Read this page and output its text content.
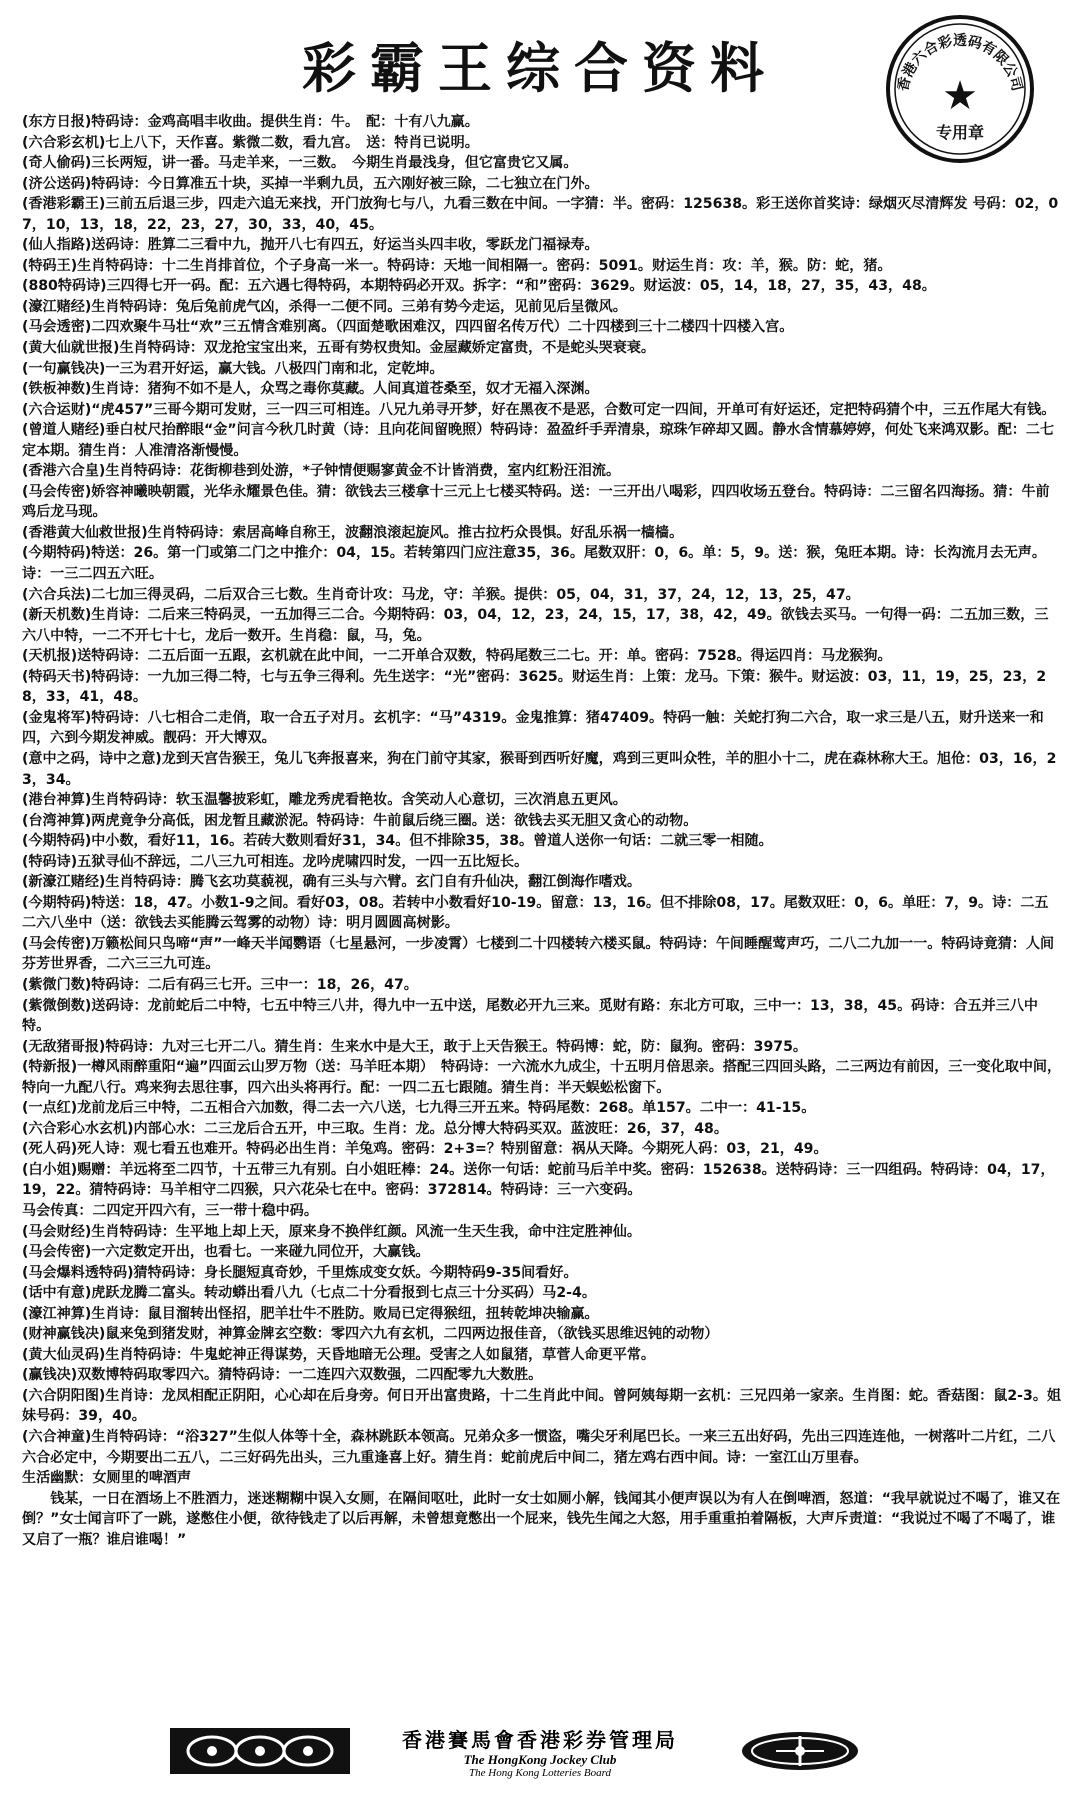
彩霸王综合资料	香港六合彩透码有限公司
★
专用章

(东方日报)特码诗：金鸡高唱丰收曲。提供生肖：牛。　配：十有八九赢。

(六合彩玄机)七上八下，天作喜。紫微二数，看九宫。　送：特肖已说明。

(奇人偷码)三长两短，讲一番。马走羊来，一三数。　今期生肖最浅身，但它富贵它又属。

(济公送码)特码诗：今日算准五十块，买掉一半剩九员，五六刚好被三除，二七独立在门外。

(香港彩霸王)三前五后退三步，四走六追无来找，开门放狗七与八，九看三数在中间。一字猜：半。密码：125638。彩王送你首奖诗：绿烟灭尽清辉发 号码：02，07，10，13，18，22，23，27，30，33，40，45。

(仙人指路)送码诗：胜算二三看中九，抛开八七有四五，好运当头四丰收，零跃龙门福禄寿。

(特码王)生肖特码诗：十二生肖排首位，个子身高一米一。特码诗：天地一间相隔一。密码：5091。财运生肖：攻：羊，猴。防：蛇，猪。

(880特码诗)三四得七开一码。配：五六遇七得特码，本期特码必开双。拆字：“和”密码：3629。财运波：05，14，18，27，35，43，48。

(濠江赌经)生肖特码诗：兔后兔前虎气凶，杀得一二便不同。三弟有势今走运，见前见后呈微风。

(马会透密)二四欢聚牛马壮“欢”三五情含难别离。（四面楚歌困难汉，四四留名传万代）二十四楼到三十二楼四十四楼入宫。

(黄大仙就世报)生肖特码诗：双龙抢宝宝出来，五哥有势权贵知。金屋藏娇定富贵，不是蛇头哭衰衰。

(一句赢钱决)一三为君开好运，赢大钱。八极四门南和北，定乾坤。

(铁板神数)生肖诗：猪狗不如不是人，众骂之毒你莫藏。人间真道苍桑至，奴才无福入深渊。

(六合运财)“虎457”三哥今期可发财，三一四三可相连。八兄九弟寻开梦，好在黑夜不是恶，合数可定一四间，开单可有好运还，定把特码猜个中，三五作尾大有钱。

(曾道人赌经)垂白杖尺抬醉眼“金”问言今秋几时黄（诗：且向花间留晚照）特码诗：盈盈纤手弄清泉，琼珠乍碎却又圆。静水含情慕婷婷，何处飞来鸿双影。配：二七定本期。猜生肖：人准清洛渐慢慢。

(香港六合皇)生肖特码诗：花街柳巷到处游，*子钟情便赐寥黄金不计皆消费，室内红粉汪泪流。

(马会传密)娇容神曦映朝霞，光华永耀景色佳。猜：欲钱去三楼拿十三元上七楼买特码。送：一三开出八喝彩，四四收场五登台。特码诗：二三留名四海扬。猜：牛前鸡后龙马现。

(香港黄大仙救世报)生肖特码诗：索居高峰自称王，波翻浪滚起旋风。推古拉朽众畏惧。好乱乐祸一樯樯。

(今期特码)特送：26。第一门或第二门之中推介：04，15。若转第四门应注意35，36。尾数双肝：0，6。单：5，9。送：猴，兔旺本期。诗：长沟流月去无声。诗：一三二四五六旺。

(六合兵法)二七加三得灵码，二后双合三七数。生肖奇计攻：马龙，守：羊猴。提供：05，04，31，37，24，12，13，25，47。

(新天机数)生肖诗：二后来三特码灵，一五加得三二合。今期特码：03，04，12，23，24，15，17，38，42，49。欲钱去买马。一句得一码：二五加三数，三六八中特，一二不开七十七，龙后一数开。生肖稳：鼠，马，兔。

(天机报)送特码诗：二五后面一五跟，玄机就在此中间，一二开单合双数，特码尾数三二七。开：单。密码：7528。得运四肖：马龙猴狗。

(特码天书)特码诗：一九加三得二特，七与五争三得利。先生送字：“光”密码：3625。财运生肖：上策：龙马。下策：猴牛。财运波：03，11，19，25，23，28，33，41，48。

(金鬼将军)特码诗：八七相合二走俏，取一合五子对月。玄机字：“马”4319。金鬼推算：猪47409。特码一触：关蛇打狗二六合，取一求三是八五，财升送来一和四，六到今期发神威。靓码：开大博双。

(意中之码，诗中之意)龙到天宫告猴王，兔儿飞奔报喜来，狗在门前守其家，猴哥到西听好魔，鸡到三更叫众牲，羊的胆小十二，虎在森林称大王。旭伧：03，16，23，34。

(港台神算)生肖特码诗：软玉温馨披彩虹，雕龙秀虎看艳妆。含笑动人心意切，三次消息五更风。

(台湾神算)两虎竟争分高低，困龙暂且藏淤泥。特码诗：牛前鼠后绕三圈。送：欲钱去买无胆又贪心的动物。

(今期特码)中小数，看好11，16。若砖大数则看好31，34。但不排除35，38。曾道人送你一句话：二就三零一相随。

(特码诗)五狱寻仙不辞远，二八三九可相连。龙吟虎啸四时发，一四一五比短长。

(新濠江赌经)生肖特码诗：腾飞玄功莫藐视，确有三头与六臂。玄门自有升仙决，翻江倒海作嗜戏。

(今期特码)特送：18，47。小数1-9之间。看好03，08。若转中小数看好10-19。留意：13，16。但不排除08，17。尾数双旺：0，6。单旺：7，9。诗：二五二六八坐中（送：欲钱去买能腾云驾雾的动物）诗：明月圆圆高树影。

(马会传密)万籁松间只鸟啼“声”一峰天半闻鹦语（七星悬河，一步凌霄）七楼到二十四楼转六楼买鼠。特码诗：午间睡醒莺声巧，二八二九加一一。特码诗竟猜：人间芬芳世界香，二六三三九可连。

(紫微门数)特码诗：二后有码三七开。三中一：18，26，47。

(紫微倒数)送码诗：龙前蛇后二中特，七五中特三八井，得九中一五中送，尾数必开九三来。觅财有路：东北方可取，三中一：13，38，45。码诗：合五并三八中特。

(无敌猪哥报)特码诗：九对三七开二八。猜生肖：生来水中是大王，敢于上天告猴王。特码博：蛇，防：鼠狗。密码：3975。

(特新报)一樽风雨醉重阳“遍”四面云山罗万物（送：马羊旺本期）　特码诗：一六流水九成尘，十五明月倍思亲。搭配三四回头路，二三两边有前因，三一变化取中间，特向一九配八行。鸡来狗去思往事，四六出头将再行。配：一四二五七跟随。猜生肖：半天蜈蚣松窗下。

(一点红)龙前龙后三中特，二五相合六加数，得二去一六八送，七九得三开五来。特码尾数：268。单157。二中一：41-15。

(六合彩心水玄机)内部心水：二三龙后合五开，中三取。生肖：龙。总分博大特码买双。蓝波旺：26，37，48。

(死人码)死人诗：观七看五也难开。特码必出生肖：羊兔鸡。密码：2+3=？特别留意：祸从天降。今期死人码：03，21，49。

(白小姐)赐赠：羊远将至二四节，十五带三九有别。白小姐旺棒：24。送你一句话：蛇前马后羊中奖。密码：152638。送特码诗：三一四组码。特码诗：04，17，19，22。猜特码诗：马羊相守二四猴，只六花朵七在中。密码：372814。特码诗：三一六变码。

马会传真：二四定开四六有，三一带十稳中码。

(马会财经)生肖特码诗：生平地上却上天，原来身不换伴红颜。风流一生天生我，命中注定胜神仙。

(马会传密)一六定数定开出，也看七。一来碰九同位开，大赢钱。

(马会爆料透特码)猜特码诗：身长腿短真奇妙，千里炼成变女妖。今期特码9-35间看好。

(话中有意)虎跃龙腾二富头。转动蟒出看八九（七点二十分看报到七点三十分买码）马2-4。

(濠江神算)生肖诗：鼠目溜转出怪招，肥羊壮牛不胜防。败局已定得猴纽，扭转乾坤决输赢。

(财神赢钱决)鼠来兔到猪发财，神算金牌玄空数：零四六九有玄机，二四两边报佳音，（欲钱买思维迟钝的动物）

(黄大仙灵码)生肖特码诗：牛鬼蛇神正得谋势，天昏地暗无公理。受害之人如鼠猪，草菅人命更平常。

(赢钱决)双数博特码取零四六。猜特码诗：一二连四六双数强，二四配零九大数胜。

(六合阴阳图)生肖诗：龙凤相配正阴阳，心心却在后身旁。何日开出富贵路，十二生肖此中间。曾阿姨每期一玄机：三兄四弟一家亲。生肖图：蛇。香菇图：鼠2-3。姐妹号码：39，40。

(六合神童)生肖特码诗：“浴327”生似人体等十全，森林跳跃本领高。兄弟众多一惯盗，嘴尖牙利尾巴长。一来三五出好码，先出三四连连他，一树落叶二片红，二八六合必定中，今期要出二五八，二三好码先出头，三九重逢喜上好。猜生肖：蛇前虎后中间二，猪左鸡右西中间。诗：一室江山万里春。

生活幽默：女厕里的啤酒声

钱某，一日在酒场上不胜酒力，迷迷糊糊中误入女厕，在隔间呕吐，此时一女士如厕小解，钱闻其小便声误以为有人在倒啤酒，怒道：“我早就说过不喝了，谁又在倒？”女士闻言吓了一跳，遂憋住小便，欲待钱走了以后再解，未曾想竟憋出一个屁来，钱先生闻之大怒，用手重重拍着隔板，大声斥责道：“我说过不喝了不喝了，谁又启了一瓶？谁启谁喝！”

香港賽馬會香港彩券管理局
The HongKong Jockey Club
The Hong Kong Lotteries Board
